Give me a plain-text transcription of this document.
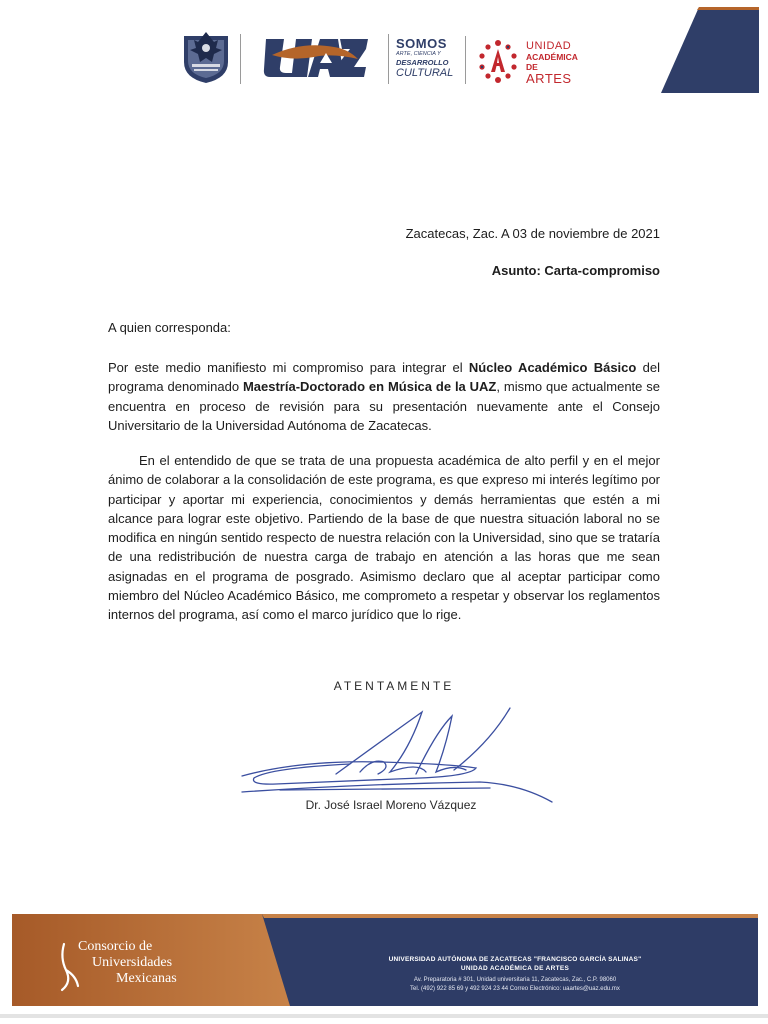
SOMOS
ARTE, CIENCIA Y
DESARROLLO
CULTURAL
UNIDAD
ACADÉMICA DE
ARTES
Zacatecas, Zac. A 03 de noviembre de 2021
Asunto: Carta-compromiso
A quien corresponda:
Por este medio manifiesto mi compromiso para integrar el Núcleo Académico Básico del programa denominado Maestría-Doctorado en Música de la UAZ, mismo que actualmente se encuentra en proceso de revisión para su presentación nuevamente ante el Consejo Universitario de la Universidad Autónoma de Zacatecas.
En el entendido de que se trata de una propuesta académica de alto perfil y en el mejor ánimo de colaborar a la consolidación de este programa, es que expreso mi interés legítimo por participar y aportar mi experiencia, conocimientos y demás herramientas que estén a mi alcance para lograr este objetivo. Partiendo de la base de que nuestra situación laboral no se modifica en ningún sentido respecto de nuestra relación con la Universidad, sino que se trataría de una redistribución de nuestra carga de trabajo en atención a las horas que me sean asignadas en el programa de posgrado. Asimismo declaro que al aceptar participar como miembro del Núcleo Académico Básico, me comprometo a respetar y observar los reglamentos internos del programa, así como el marco jurídico que lo rige.
ATENTAMENTE
Dr. José Israel Moreno Vázquez
Consorcio de
Universidades
Mexicanas
UNIVERSIDAD AUTÓNOMA DE ZACATECAS "FRANCISCO GARCÍA SALINAS"
UNIDAD ACADÉMICA DE ARTES
Av. Preparatoria # 301, Unidad universitaria 11, Zacatecas, Zac., C.P. 98060
Tel. (492) 922 85 69 y 492 924 23 44 Correo Electrónico: uaartes@uaz.edu.mx
